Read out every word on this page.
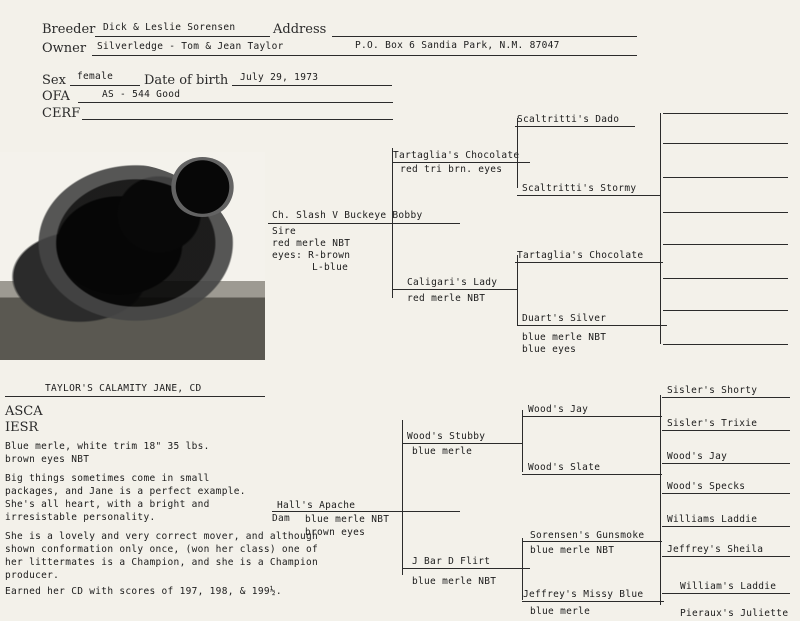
Breeder Dick & Leslie Sorensen	Address
Owner Silverledge - Tom & Jean Taylor	P.O. Box 6 Sandia Park, N.M. 87047
Sex female Date of birth July 29, 1973
OFA	AS - 544 Good
CERF
TAYLOR'S CALAMITY JANE, CD
ASCA
IESR
Blue merle, white trim 18" 35 lbs.
brown eyes NBT
Big things sometimes come in small packages, and Jane is a perfect example. She's all heart, with a bright and irresistable personality.
She is a lovely and very correct mover, and although shown conformation only once, (won her class) one of her littermates is a Champion, and she is a Champion producer.
Earned her CD with scores of 197, 198, & 199½.
Ch. Slash V Buckeye Bobby
Sire
red merle NBT
eyes: R-brown
L-blue
Hall's Apache
Dam blue merle NBT
brown eyes
Tartaglia's Chocolate
red tri brn. eyes
Caligari's Lady
red merle NBT
Wood's Stubby
blue merle
J Bar D Flirt
blue merle NBT
Scaltritti's Dado
Scaltritti's Stormy
Tartaglia's Chocolate
Duart's Silver
blue merle NBT
blue eyes
Wood's Jay
Wood's Slate
Sorensen's Gunsmoke
blue merle NBT
Jeffrey's Missy Blue
blue merle
Sisler's Shorty
Sisler's Trixie
Wood's Jay
Wood's Specks
Williams Laddie
Jeffrey's Sheila
William's Laddie
Pieraux's Juliette
